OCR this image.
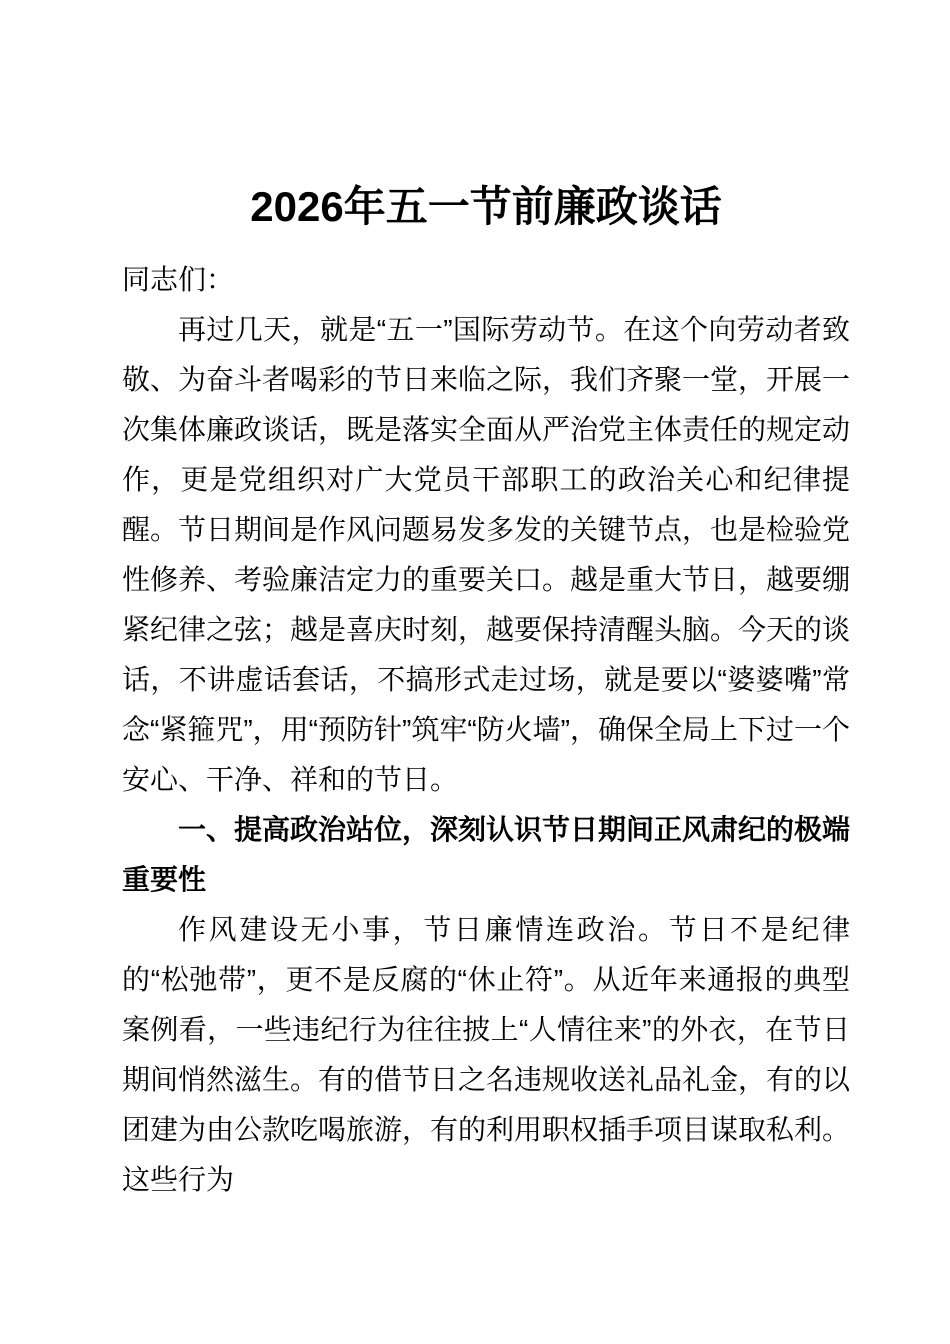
2026年五一节前廉政谈话

同志们：

再过几天，就是“五一”国际劳动节。在这个向劳动者致敬、为奋斗者喝彩的节日来临之际，我们齐聚一堂，开展一次集体廉政谈话，既是落实全面从严治党主体责任的规定动作，更是党组织对广大党员干部职工的政治关心和纪律提醒。节日期间是作风问题易发多发的关键节点，也是检验党性修养、考验廉洁定力的重要关口。越是重大节日，越要绷紧纪律之弦；越是喜庆时刻，越要保持清醒头脑。今天的谈话，不讲虚话套话，不搞形式走过场，就是要以“婆婆嘴”常念“紧箍咒”，用“预防针”筑牢“防火墙”，确保全局上下过一个安心、干净、祥和的节日。

一、提高政治站位，深刻认识节日期间正风肃纪的极端重要性

作风建设无小事，节日廉情连政治。节日不是纪律的“松弛带”，更不是反腐的“休止符”。从近年来通报的典型案例看，一些违纪行为往往披上“人情往来”的外衣，在节日期间悄然滋生。有的借节日之名违规收送礼品礼金，有的以团建为由公款吃喝旅游，有的利用职权插手项目谋取私利。这些行为
